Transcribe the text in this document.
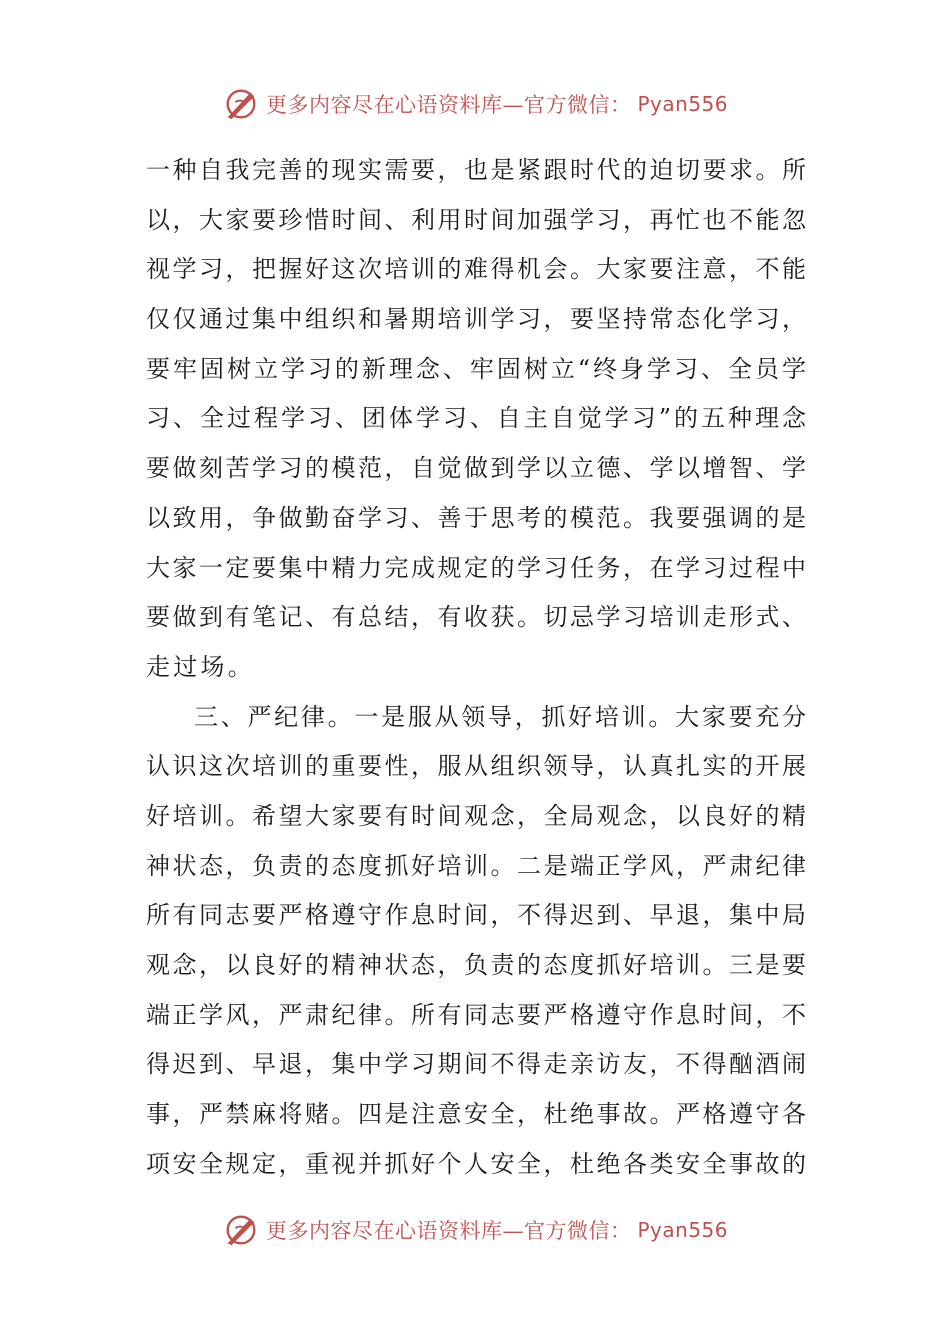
更多内容尽在心语资料库—官方微信： Pyan556
一种自我完善的现实需要，也是紧跟时代的迫切要求。所
以，大家要珍惜时间、利用时间加强学习，再忙也不能忽
视学习，把握好这次培训的难得机会。大家要注意，不能
仅仅通过集中组织和暑期培训学习，要坚持常态化学习，
要牢固树立学习的新理念、牢固树立“终身学习、全员学
习、全过程学习、团体学习、自主自觉学习”的五种理念
要做刻苦学习的模范，自觉做到学以立德、学以增智、学
以致用，争做勤奋学习、善于思考的模范。我要强调的是
大家一定要集中精力完成规定的学习任务，在学习过程中
要做到有笔记、有总结，有收获。切忌学习培训走形式、
走过场。
三、严纪律。一是服从领导，抓好培训。大家要充分
认识这次培训的重要性，服从组织领导，认真扎实的开展
好培训。希望大家要有时间观念，全局观念，以良好的精
神状态，负责的态度抓好培训。二是端正学风，严肃纪律
所有同志要严格遵守作息时间，不得迟到、早退，集中局
观念，以良好的精神状态，负责的态度抓好培训。三是要
端正学风，严肃纪律。所有同志要严格遵守作息时间，不
得迟到、早退，集中学习期间不得走亲访友，不得酗酒闹
事，严禁麻将赌。四是注意安全，杜绝事故。严格遵守各
项安全规定，重视并抓好个人安全，杜绝各类安全事故的
更多内容尽在心语资料库—官方微信： Pyan556
